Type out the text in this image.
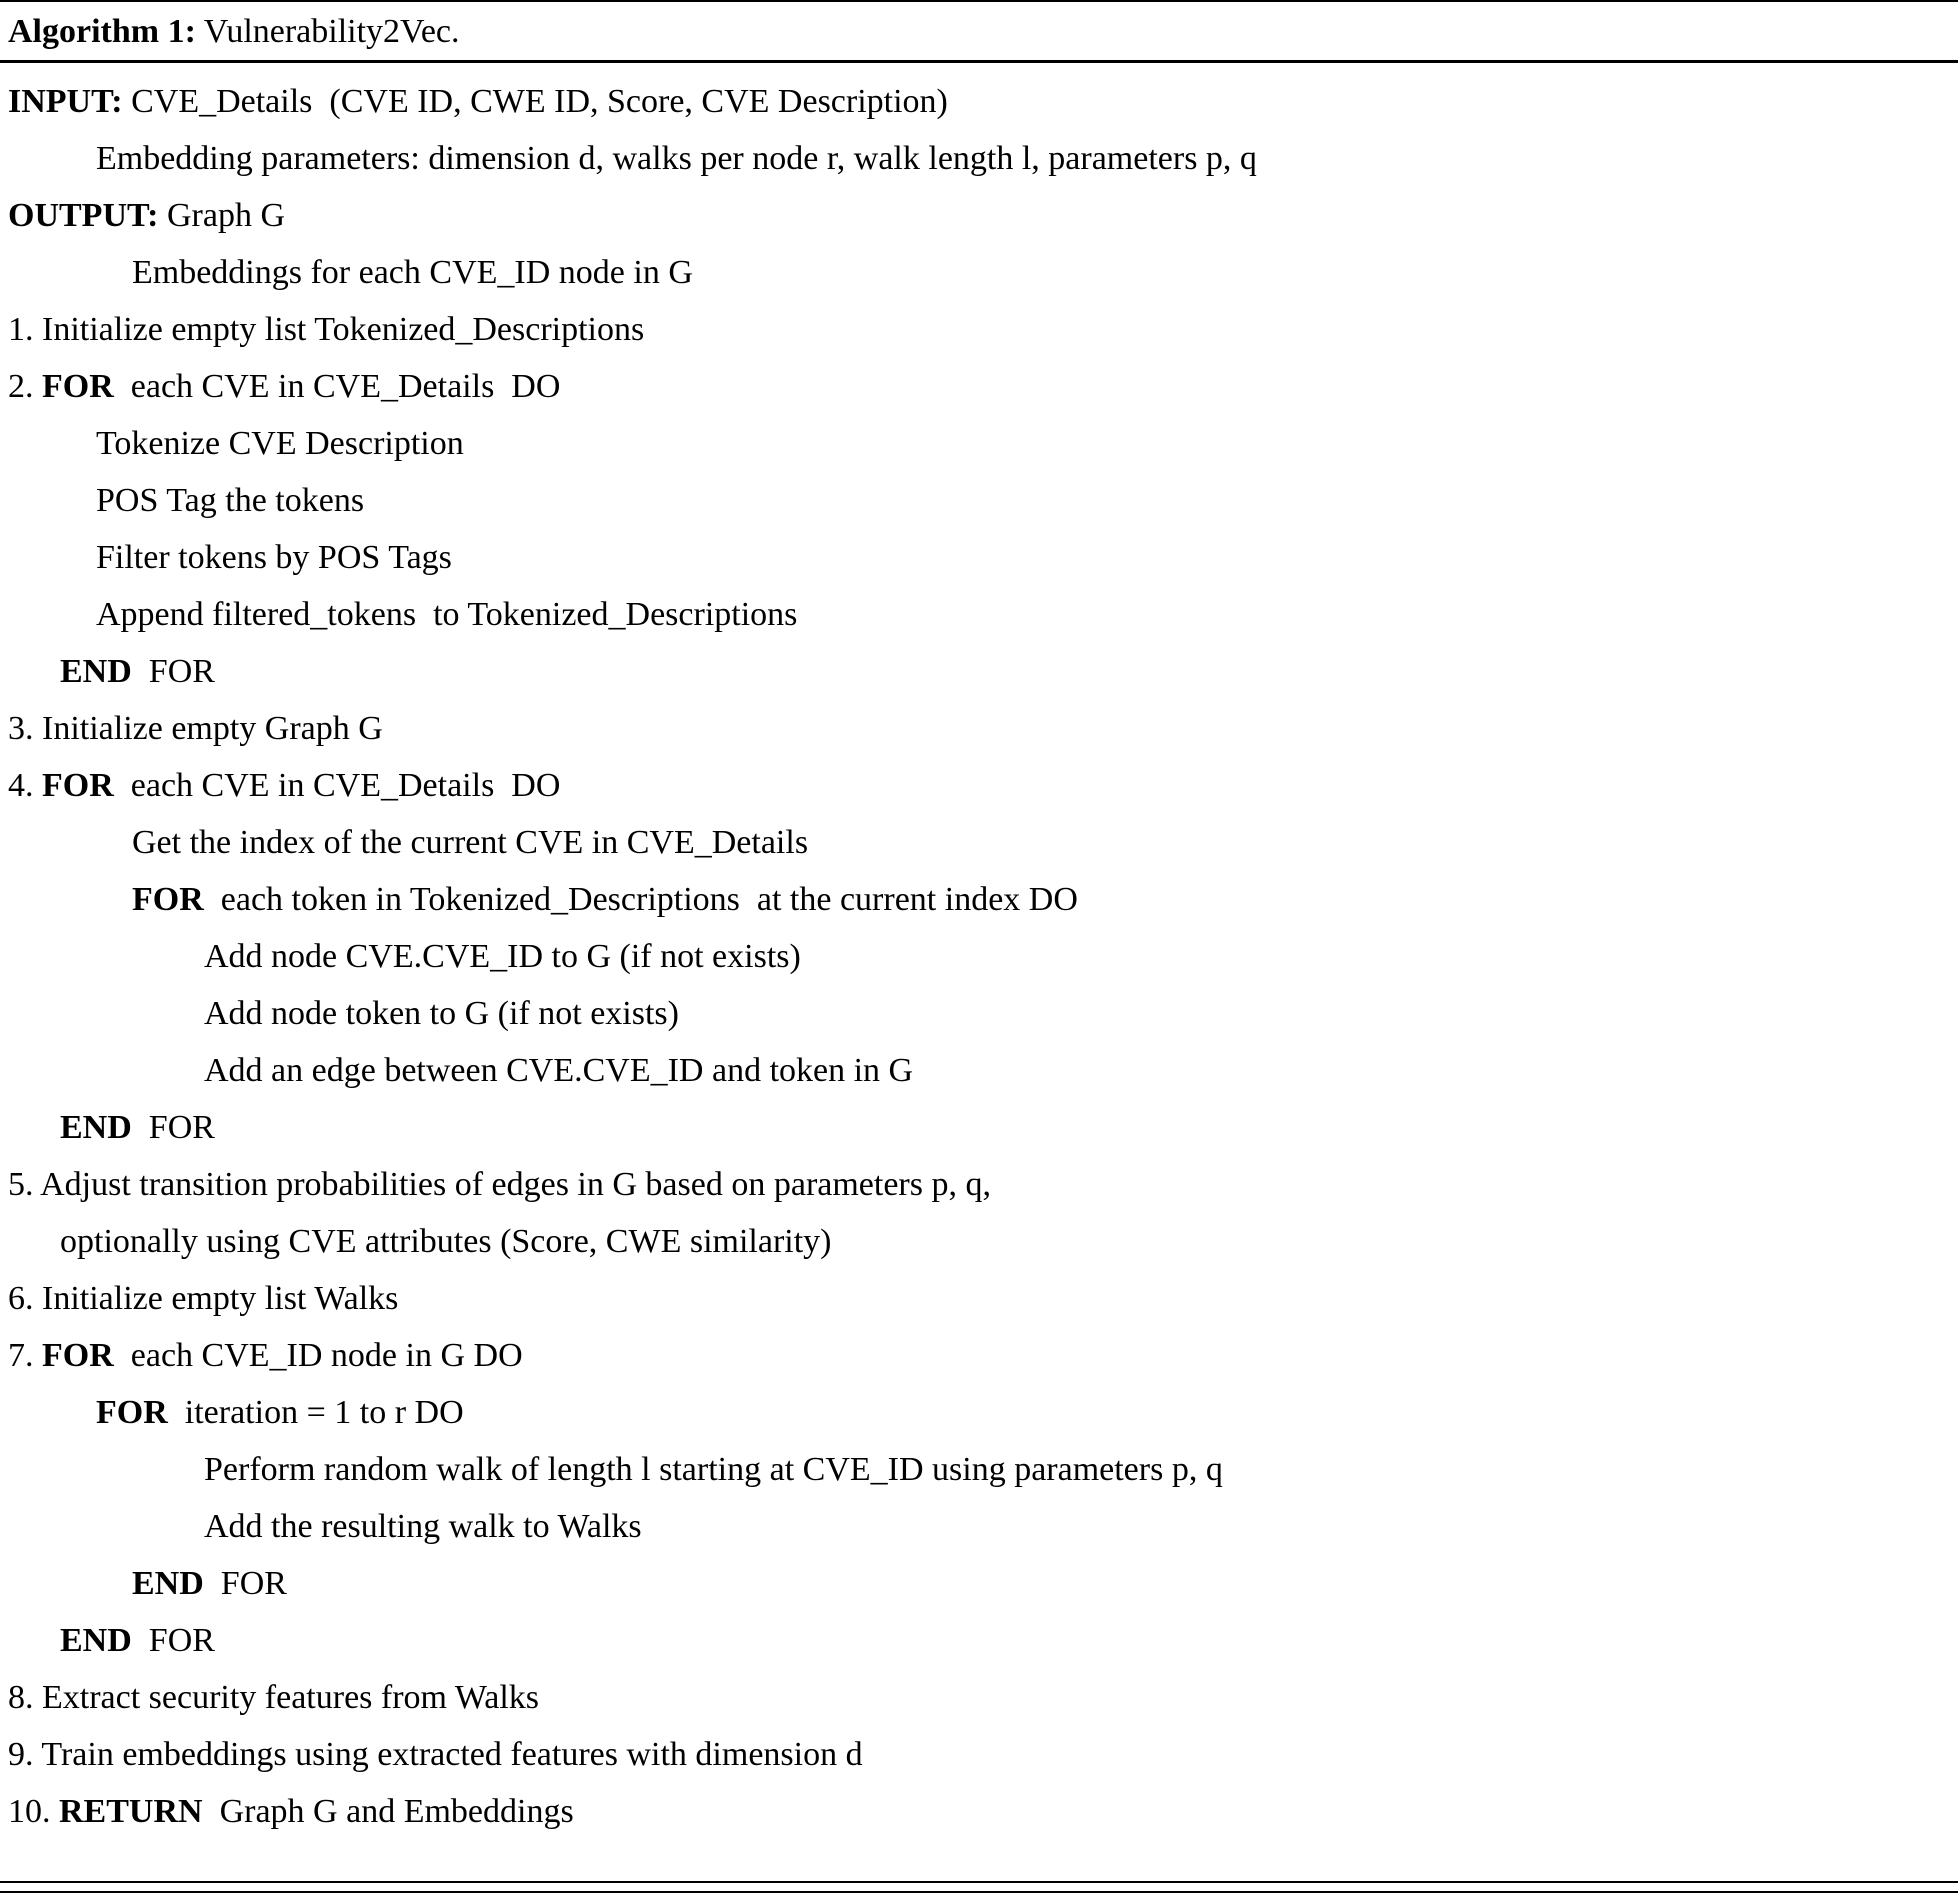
Algorithm 1: Vulnerability2Vec.
INPUT: CVE_Details  (CVE ID, CWE ID, Score, CVE Description)
Embedding parameters: dimension d, walks per node r, walk length l, parameters p, q
OUTPUT: Graph G
Embeddings for each CVE_ID node in G
1. Initialize empty list Tokenized_Descriptions
2. FOR  each CVE in CVE_Details  DO
Tokenize CVE Description
POS Tag the tokens
Filter tokens by POS Tags
Append filtered_tokens  to Tokenized_Descriptions
END  FOR
3. Initialize empty Graph G
4. FOR  each CVE in CVE_Details  DO
Get the index of the current CVE in CVE_Details
FOR  each token in Tokenized_Descriptions  at the current index DO
Add node CVE.CVE_ID to G (if not exists)
Add node token to G (if not exists)
Add an edge between CVE.CVE_ID and token in G
END  FOR
5. Adjust transition probabilities of edges in G based on parameters p, q,
optionally using CVE attributes (Score, CWE similarity)
6. Initialize empty list Walks
7. FOR  each CVE_ID node in G DO
FOR  iteration = 1 to r DO
Perform random walk of length l starting at CVE_ID using parameters p, q
Add the resulting walk to Walks
END  FOR
END  FOR
8. Extract security features from Walks
9. Train embeddings using extracted features with dimension d
10. RETURN  Graph G and Embeddings
